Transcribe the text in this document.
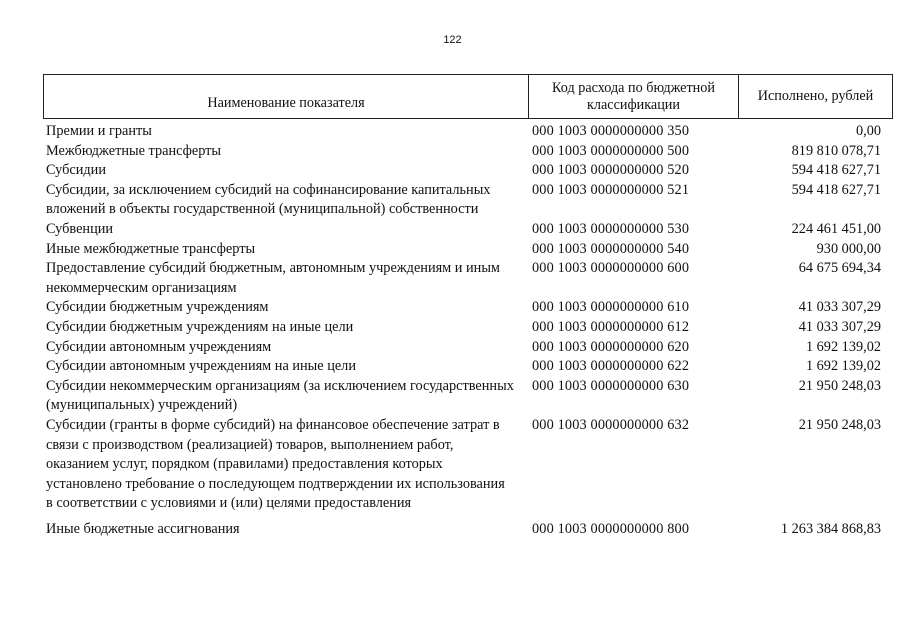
122
Наименование показателя
Код расхода по бюджетной классификации
Исполнено, рублей
Премии и гранты	000 1003 0000000000 350	0,00
Межбюджетные трансферты	000 1003 0000000000 500	819 810 078,71
Субсидии	000 1003 0000000000 520	594 418 627,71
Субсидии, за исключением субсидий на софинансирование капитальных вложений в объекты государственной (муниципальной) собственности
000 1003 0000000000 521	594 418 627,71
Субвенции	000 1003 0000000000 530	224 461 451,00
Иные межбюджетные трансферты	000 1003 0000000000 540	930 000,00
Предоставление субсидий бюджетным, автономным учреждениям и иным некоммерческим организациям
000 1003 0000000000 600	64 675 694,34
Субсидии бюджетным учреждениям	000 1003 0000000000 610	41 033 307,29
Субсидии бюджетным учреждениям на иные цели	000 1003 0000000000 612	41 033 307,29
Субсидии автономным учреждениям	000 1003 0000000000 620	1 692 139,02
Субсидии автономным учреждениям на иные цели	000 1003 0000000000 622	1 692 139,02
Субсидии некоммерческим организациям (за исключением государственных (муниципальных) учреждений)
000 1003 0000000000 630	21 950 248,03
Субсидии (гранты в форме субсидий) на финансовое обеспечение затрат в связи с производством (реализацией) товаров, выполнением работ, оказанием услуг, порядком (правилами) предоставления которых установлено требование о последующем подтверждении их использования в соответствии с условиями и (или) целями предоставления
000 1003 0000000000 632	21 950 248,03
Иные бюджетные ассигнования	000 1003 0000000000 800	1 263 384 868,83
